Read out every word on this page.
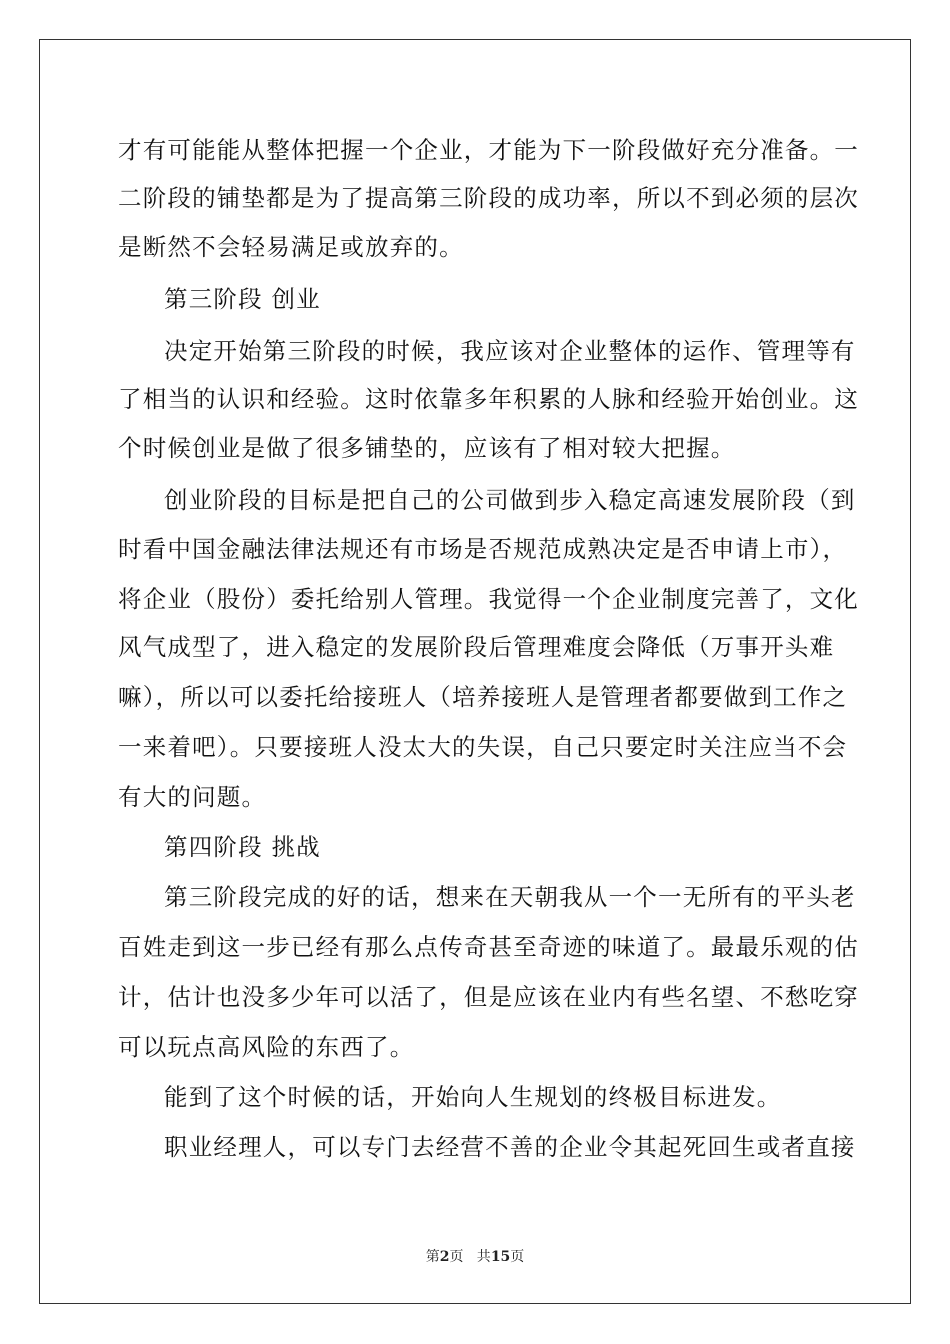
才有可能能从整体把握一个企业，才能为下一阶段做好充分准备。一
二阶段的铺垫都是为了提高第三阶段的成功率，所以不到必须的层次
是断然不会轻易满足或放弃的。
第三阶段 创业
决定开始第三阶段的时候，我应该对企业整体的运作、管理等有
了相当的认识和经验。这时依靠多年积累的人脉和经验开始创业。这
个时候创业是做了很多铺垫的，应该有了相对较大把握。
创业阶段的目标是把自己的公司做到步入稳定高速发展阶段（到
时看中国金融法律法规还有市场是否规范成熟决定是否申请上市），
将企业（股份）委托给别人管理。我觉得一个企业制度完善了，文化
风气成型了，进入稳定的发展阶段后管理难度会降低（万事开头难
嘛），所以可以委托给接班人（培养接班人是管理者都要做到工作之
一来着吧）。只要接班人没太大的失误，自己只要定时关注应当不会
有大的问题。
第四阶段 挑战
第三阶段完成的好的话，想来在天朝我从一个一无所有的平头老
百姓走到这一步已经有那么点传奇甚至奇迹的味道了。最最乐观的估
计，估计也没多少年可以活了，但是应该在业内有些名望、不愁吃穿
可以玩点高风险的东西了。
能到了这个时候的话，开始向人生规划的终极目标进发。
职业经理人，可以专门去经营不善的企业令其起死回生或者直接
第2页   共15页
